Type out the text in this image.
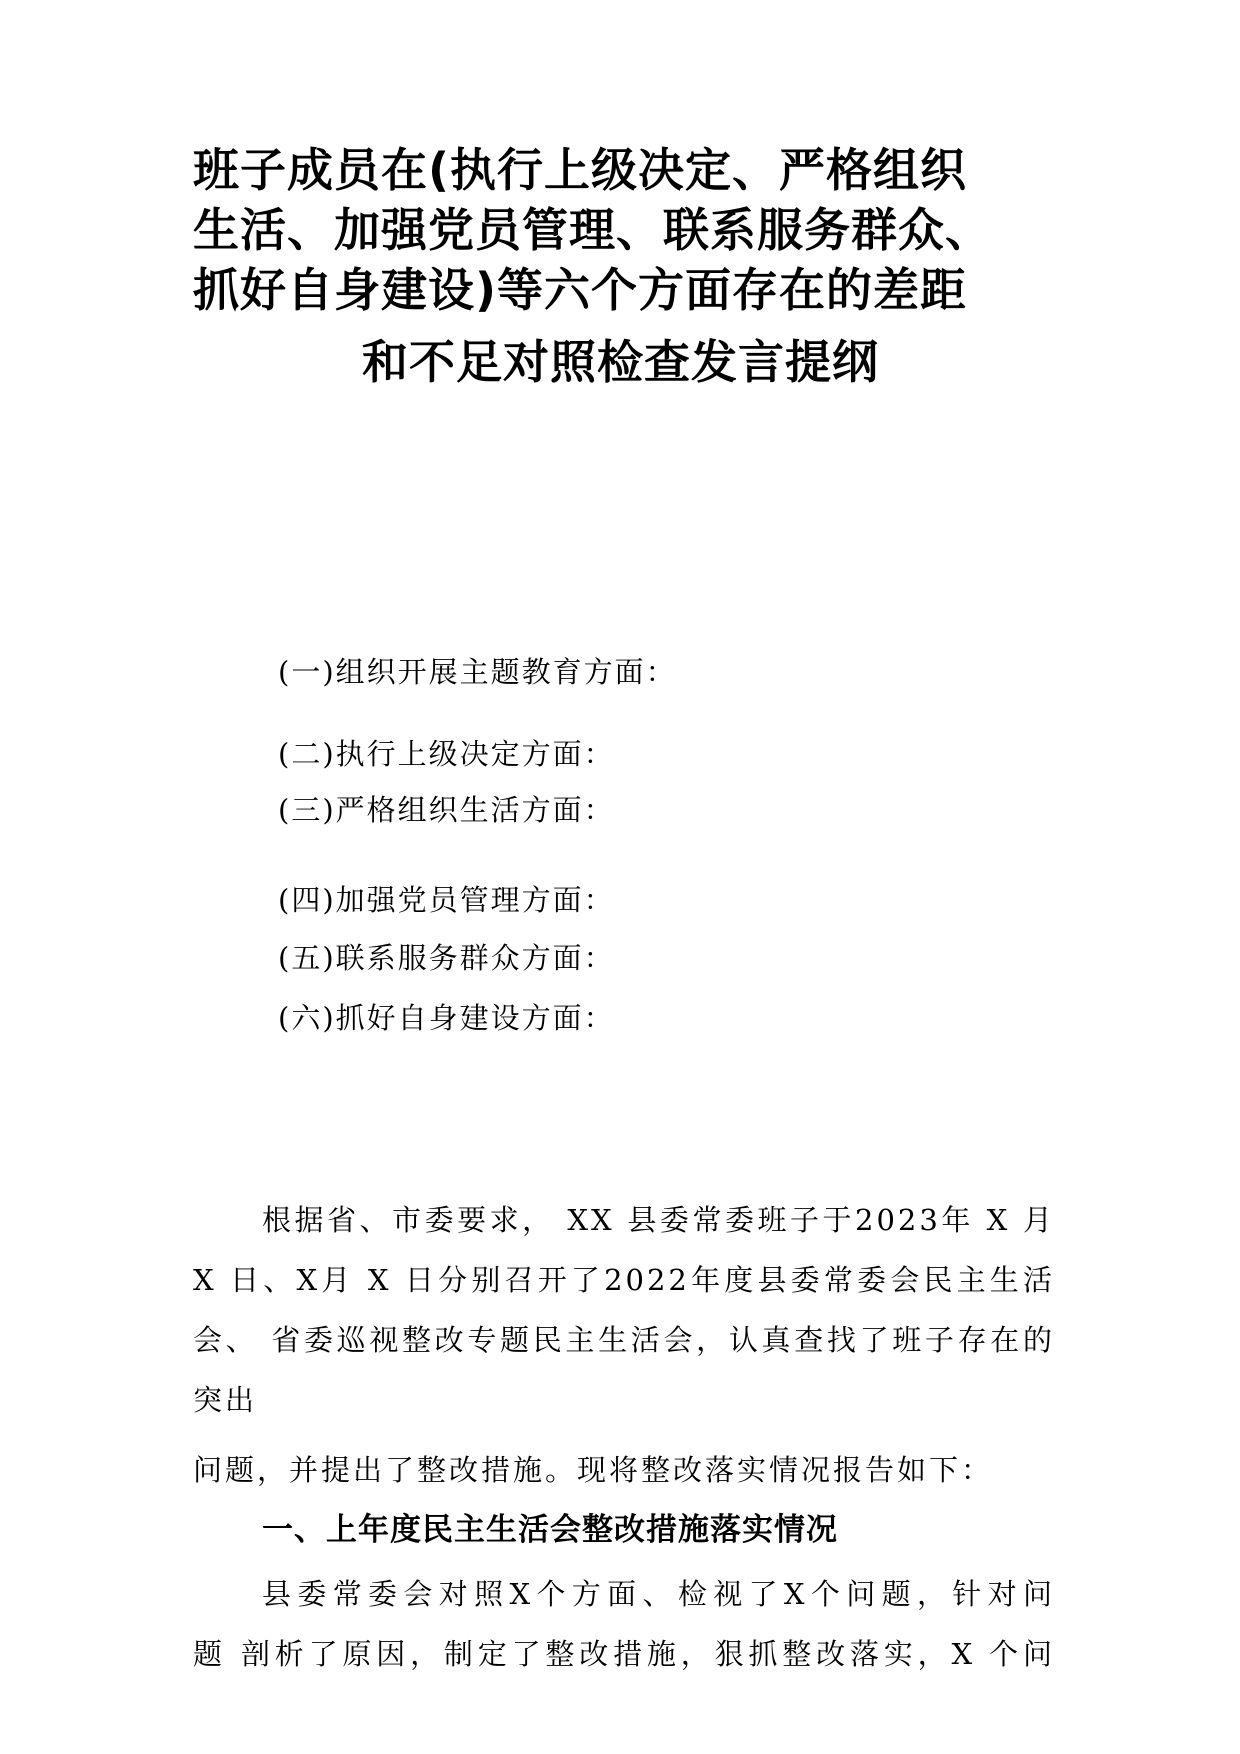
班子成员在(执行上级决定、严格组织
生活、加强党员管理、联系服务群众、
抓好自身建设)等六个方面存在的差距
和不足对照检查发言提纲
(一)组织开展主题教育方面：
(二)执行上级决定方面：
(三)严格组织生活方面：
(四)加强党员管理方面：
(五)联系服务群众方面：
(六)抓好自身建设方面：
根据省、市委要求， XX 县委常委班子于2023年 X 月
X 日、X月 X 日分别召开了2022年度县委常委会民主生活
会、 省委巡视整改专题民主生活会，认真查找了班子存在的
突出
问题，并提出了整改措施。现将整改落实情况报告如下：
一、上年度民主生活会整改措施落实情况
县委常委会对照X个方面、检视了X个问题，针对问
题 剖析了原因，制定了整改措施，狠抓整改落实，X 个问
